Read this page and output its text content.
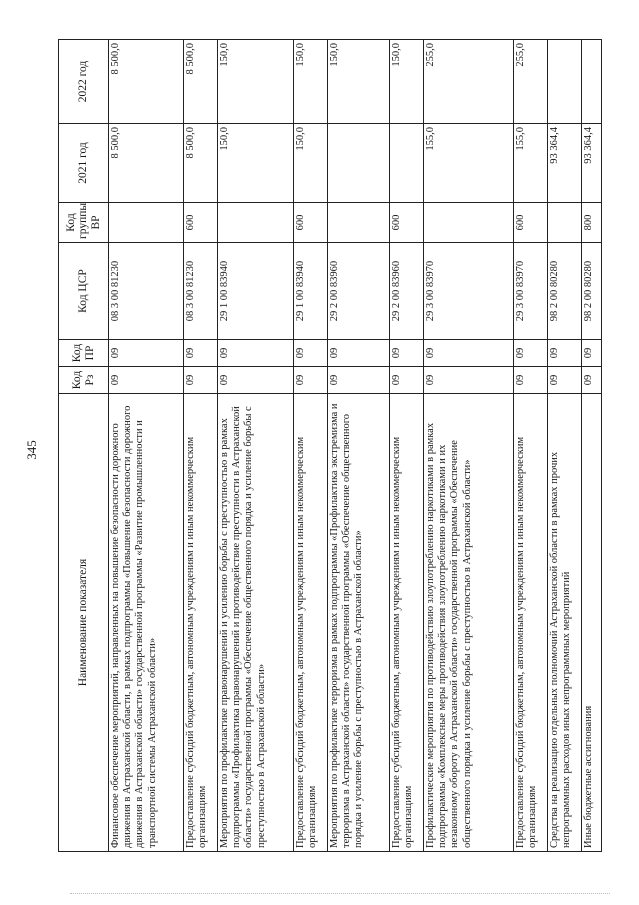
345
Наименование показателя	Код Рз	Код ПР	Код ЦСР	Код группы ВР	2021 год	2022 год
Финансовое обеспечение мероприятий, направленных на повышение безопасности дорожного движения в Астраханской области, в рамках подпрограммы «Повышение безопасности дорожного движения в Астраханской области» государственной программы «Развитие промышленности и транспортной системы Астраханской области»	09	09	08 3 00 81230		8 500,0	8 500,0
Предоставление субсидий бюджетным, автономным учреждениям и иным некоммерческим организациям	09	09	08 3 00 81230	600	8 500,0	8 500,0
Мероприятия по профилактике правонарушений и усилению борьбы с преступностью в рамках подпрограммы «Профилактика правонарушений и противодействие преступности в Астраханской области» государственной программы «Обеспечение общественного порядка и усиление борьбы с преступностью в Астраханской области»	09	09	29 1 00 83940		150,0	150,0
Предоставление субсидий бюджетным, автономным учреждениям и иным некоммерческим организациям	09	09	29 1 00 83940	600	150,0	150,0
Мероприятия по профилактике терроризма в рамках подпрограммы «Профилактика экстремизма и терроризма в Астраханской области» государственной программы «Обеспечение общественного порядка и усиление борьбы с преступностью в Астраханской области»	09	09	29 2 00 83960			150,0
Предоставление субсидий бюджетным, автономным учреждениям и иным некоммерческим организациям	09	09	29 2 00 83960	600		150,0
Профилактические мероприятия по противодействию злоупотреблению наркотиками в рамках подпрограммы «Комплексные меры противодействия злоупотреблению наркотиками и их незаконному обороту в Астраханской области» государственной программы «Обеспечение общественного порядка и усиление борьбы с преступностью в Астраханской области»	09	09	29 3 00 83970		155,0	255,0
Предоставление субсидий бюджетным, автономным учреждениям и иным некоммерческим организациям	09	09	29 3 00 83970	600	155,0	255,0
Средства на реализацию отдельных полномочий Астраханской области в рамках прочих непрограммных расходов иных непрограммных мероприятий	09	09	98 2 00 80280		93 364,4	
Иные бюджетные ассигнования	09	09	98 2 00 80280	800	93 364,4	
